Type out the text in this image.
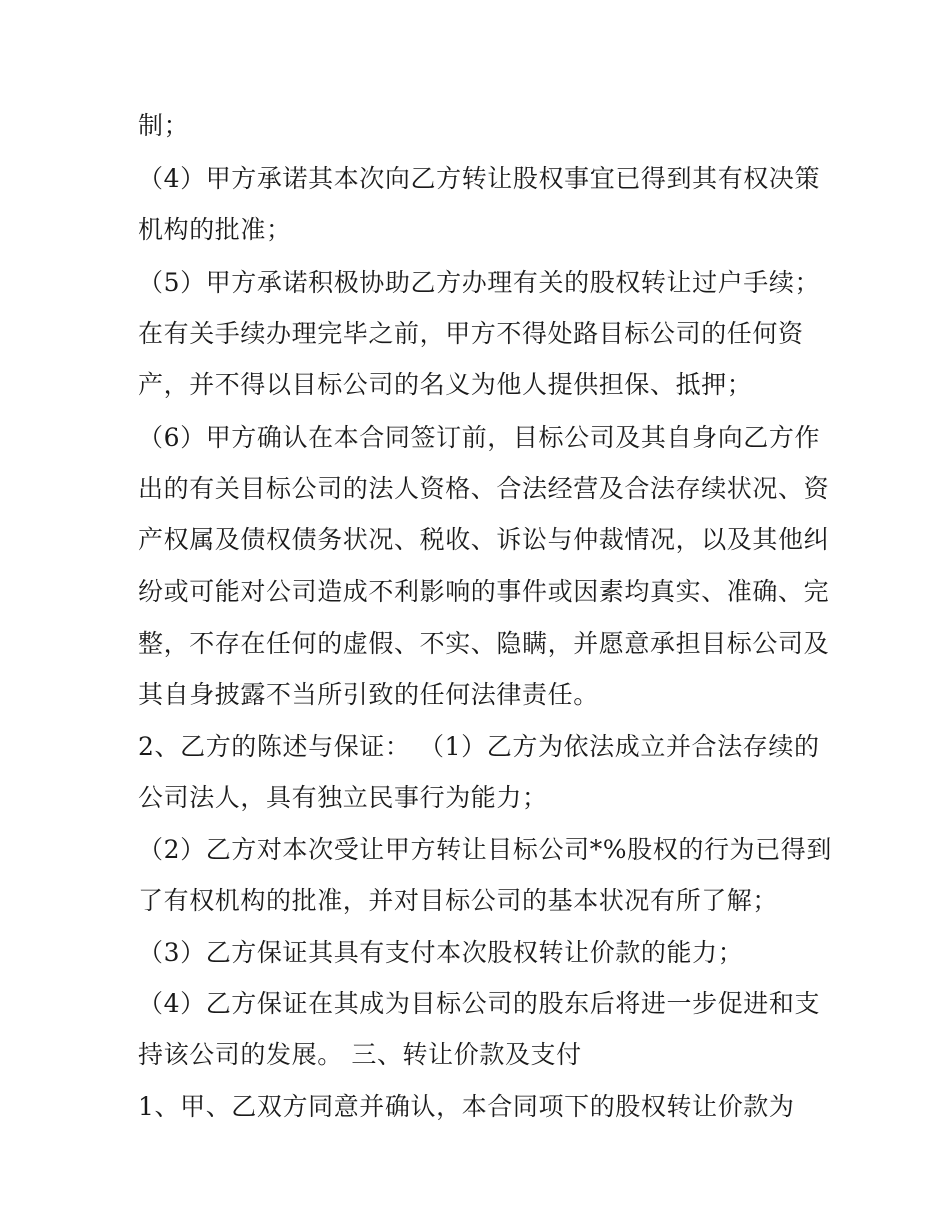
制；
（4）甲方承诺其本次向乙方转让股权事宜已得到其有权决策
机构的批准；
（5）甲方承诺积极协助乙方办理有关的股权转让过户手续；
在有关手续办理完毕之前，甲方不得处路目标公司的任何资
产，并不得以目标公司的名义为他人提供担保、抵押；
（6）甲方确认在本合同签订前，目标公司及其自身向乙方作
出的有关目标公司的法人资格、合法经营及合法存续状况、资
产权属及债权债务状况、税收、诉讼与仲裁情况，以及其他纠
纷或可能对公司造成不利影响的事件或因素均真实、准确、完
整，不存在任何的虚假、不实、隐瞒，并愿意承担目标公司及
其自身披露不当所引致的任何法律责任。
2、乙方的陈述与保证： （1）乙方为依法成立并合法存续的
公司法人，具有独立民事行为能力；
（2）乙方对本次受让甲方转让目标公司*%股权的行为已得到
了有权机构的批准，并对目标公司的基本状况有所了解；
（3）乙方保证其具有支付本次股权转让价款的能力；
（4）乙方保证在其成为目标公司的股东后将进一步促进和支
持该公司的发展。 三、转让价款及支付
1、甲、乙双方同意并确认，本合同项下的股权转让价款为
